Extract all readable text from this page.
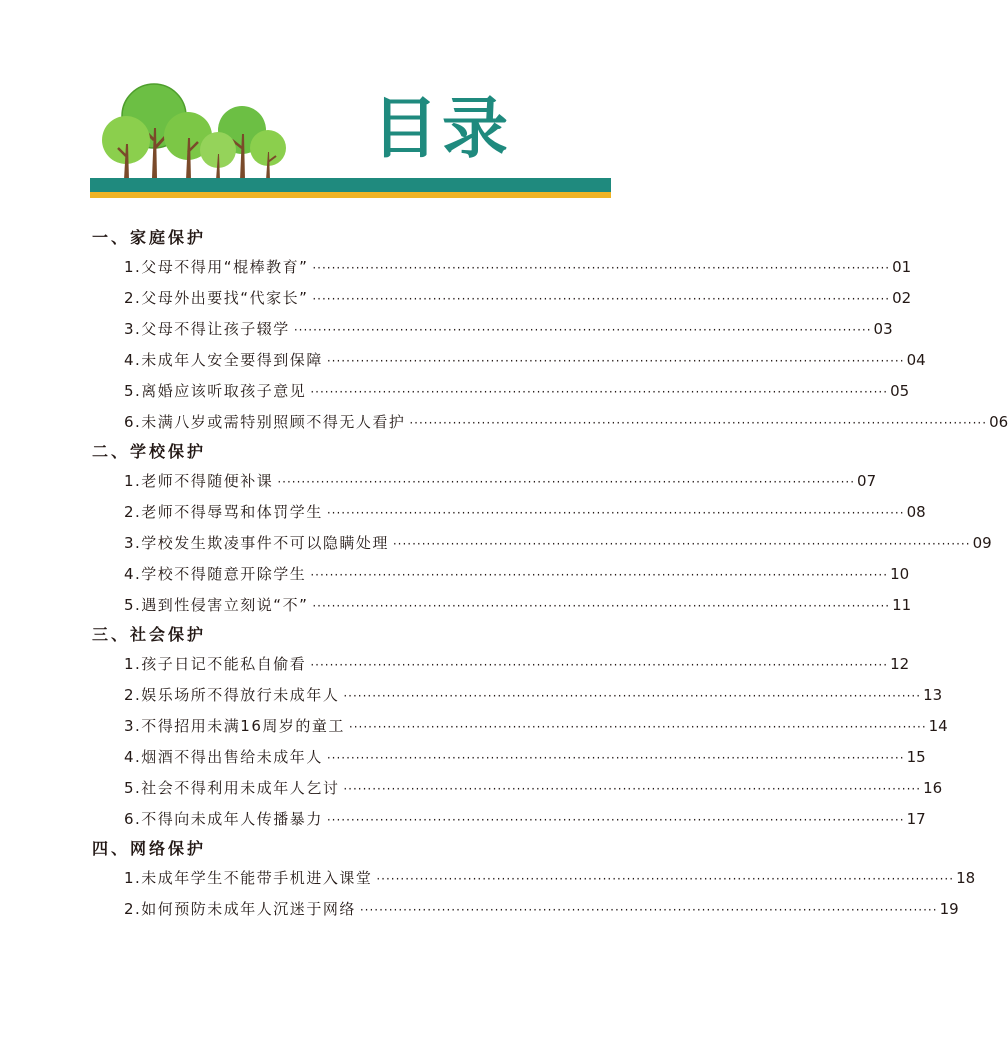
目录
一、家庭保护
1.父母不得用“棍棒教育” ························································································································ 01
2.父母外出要找“代家长” ························································································································ 02
3.父母不得让孩子辍学 ························································································································ 03
4.未成年人安全要得到保障 ························································································································ 04
5.离婚应该听取孩子意见 ························································································································ 05
6.未满八岁或需特别照顾不得无人看护 ························································································································ 06
二、学校保护
1.老师不得随便补课 ························································································································ 07
2.老师不得辱骂和体罚学生 ························································································································ 08
3.学校发生欺凌事件不可以隐瞒处理 ························································································································ 09
4.学校不得随意开除学生 ························································································································ 10
5.遇到性侵害立刻说“不” ························································································································ 11
三、社会保护
1.孩子日记不能私自偷看 ························································································································ 12
2.娱乐场所不得放行未成年人 ························································································································ 13
3.不得招用未满16周岁的童工 ························································································································ 14
4.烟酒不得出售给未成年人 ························································································································ 15
5.社会不得利用未成年人乞讨 ························································································································ 16
6.不得向未成年人传播暴力 ························································································································ 17
四、网络保护
1.未成年学生不能带手机进入课堂 ························································································································ 18
2.如何预防未成年人沉迷于网络 ························································································································ 19
